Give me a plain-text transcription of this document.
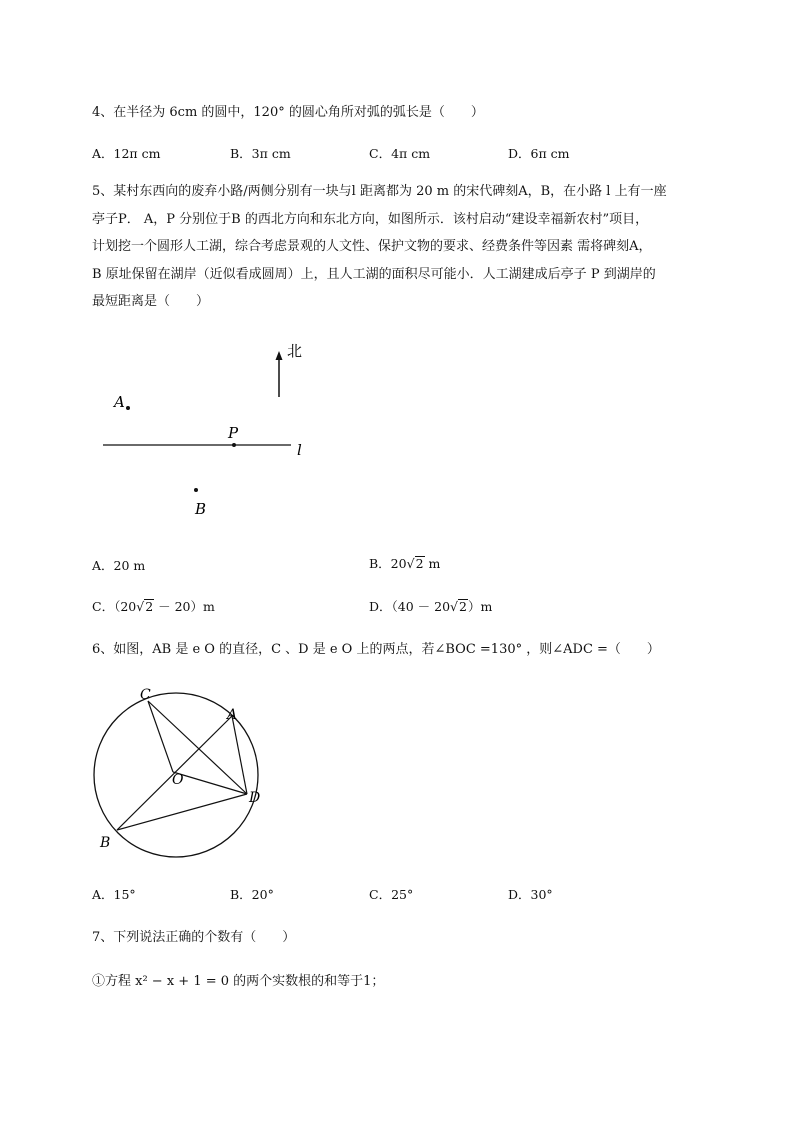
4、在半径为 6cm 的圆中，120° 的圆心角所对弧的弧长是（　　）
A．12π cm	B．3π cm	C．4π cm	D．6π cm
5、某村东西向的废弃小路/两侧分别有一块与l 距离都为 20 m 的宋代碑刻A，B，在小路 l 上有一座
亭子P． A，P 分别位于B 的西北方向和东北方向，如图所示．该村启动“建设幸福新农村”项目，
计划挖一个圆形人工湖，综合考虑景观的人文性、保护文物的要求、经费条件等因素 需将碑刻A，
B 原址保留在湖岸（近似看成圆周）上，且人工湖的面积尽可能小．人工湖建成后亭子 P 到湖岸的
最短距离是（　　）
北
A
P
l
B
A．20 m	B．20√2 m
C．（20√2 － 20）m	D．（40 － 20√2）m
6、如图，AB 是 e O 的直径，C 、D 是 e O 上的两点，若∠BOC =130° ，则∠ADC =（　　）
C
A
O
D
B
A．15°	B．20°	C．25°	D．30°
7、下列说法正确的个数有（　　）
①方程 x² − x + 1 = 0 的两个实数根的和等于1；
